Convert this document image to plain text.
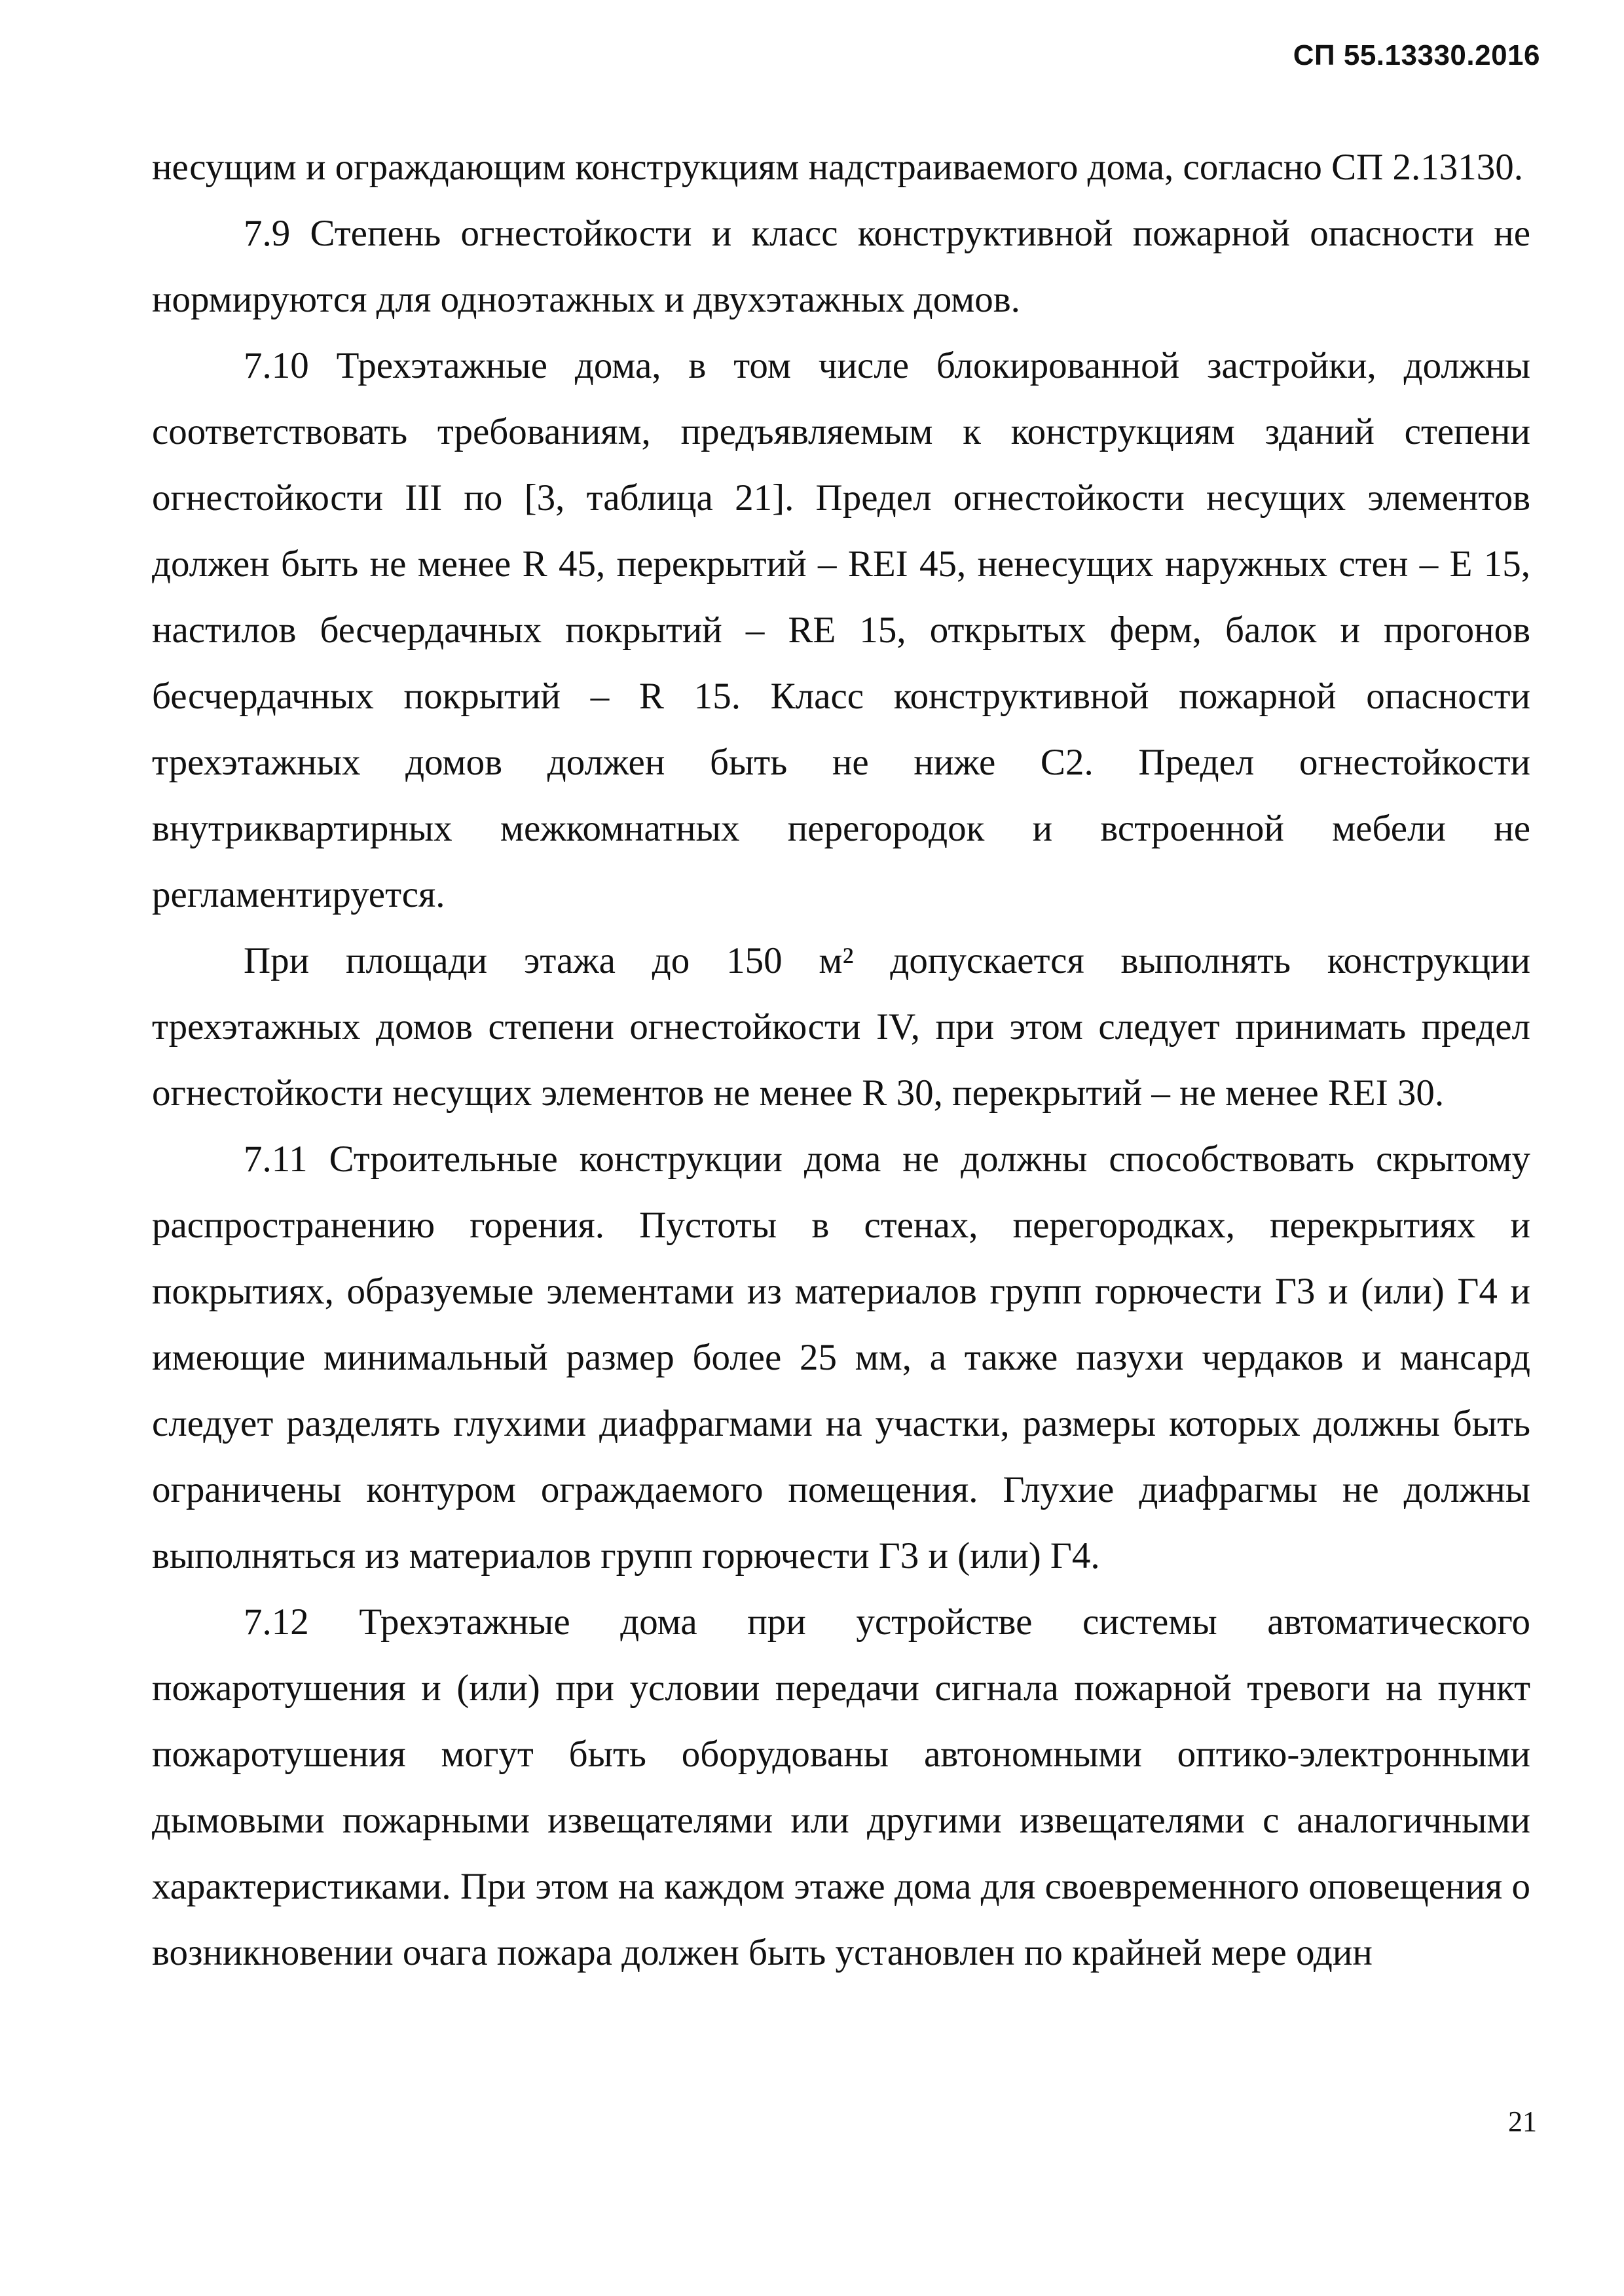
СП 55.13330.2016

несущим и ограждающим конструкциям надстраиваемого дома, согласно СП 2.13130.

7.9 Степень огнестойкости и класс конструктивной пожарной опасности не нормируются для одноэтажных и двухэтажных домов.

7.10 Трехэтажные дома, в том числе блокированной застройки, должны соответствовать требованиям, предъявляемым к конструкциям зданий степени огнестойкости III по [3, таблица 21]. Предел огнестойкости несущих элементов должен быть не менее R 45, перекрытий – REI 45, ненесущих наружных стен – E 15, настилов бесчердачных покрытий – RE 15, открытых ферм, балок и прогонов бесчердачных покрытий – R 15. Класс конструктивной пожарной опасности трехэтажных домов должен быть не ниже С2. Предел огнестойкости внутриквартирных межкомнатных перегородок и встроенной мебели не регламентируется.

При площади этажа до 150 м² допускается выполнять конструкции трехэтажных домов степени огнестойкости IV, при этом следует принимать предел огнестойкости несущих элементов не менее R 30, перекрытий – не менее REI 30.

7.11 Строительные конструкции дома не должны способствовать скрытому распространению горения. Пустоты в стенах, перегородках, перекрытиях и покрытиях, образуемые элементами из материалов групп горючести Г3 и (или) Г4 и имеющие минимальный размер более 25 мм, а также пазухи чердаков и мансард следует разделять глухими диафрагмами на участки, размеры которых должны быть ограничены контуром ограждаемого помещения. Глухие диафрагмы не должны выполняться из материалов групп горючести Г3 и (или) Г4.

7.12 Трехэтажные дома при устройстве системы автоматического пожаротушения и (или) при условии передачи сигнала пожарной тревоги на пункт пожаротушения могут быть оборудованы автономными оптико-электронными дымовыми пожарными извещателями или другими извещателями с аналогичными характеристиками. При этом на каждом этаже дома для своевременного оповещения о возникновении очага пожара должен быть установлен по крайней мере один

21
